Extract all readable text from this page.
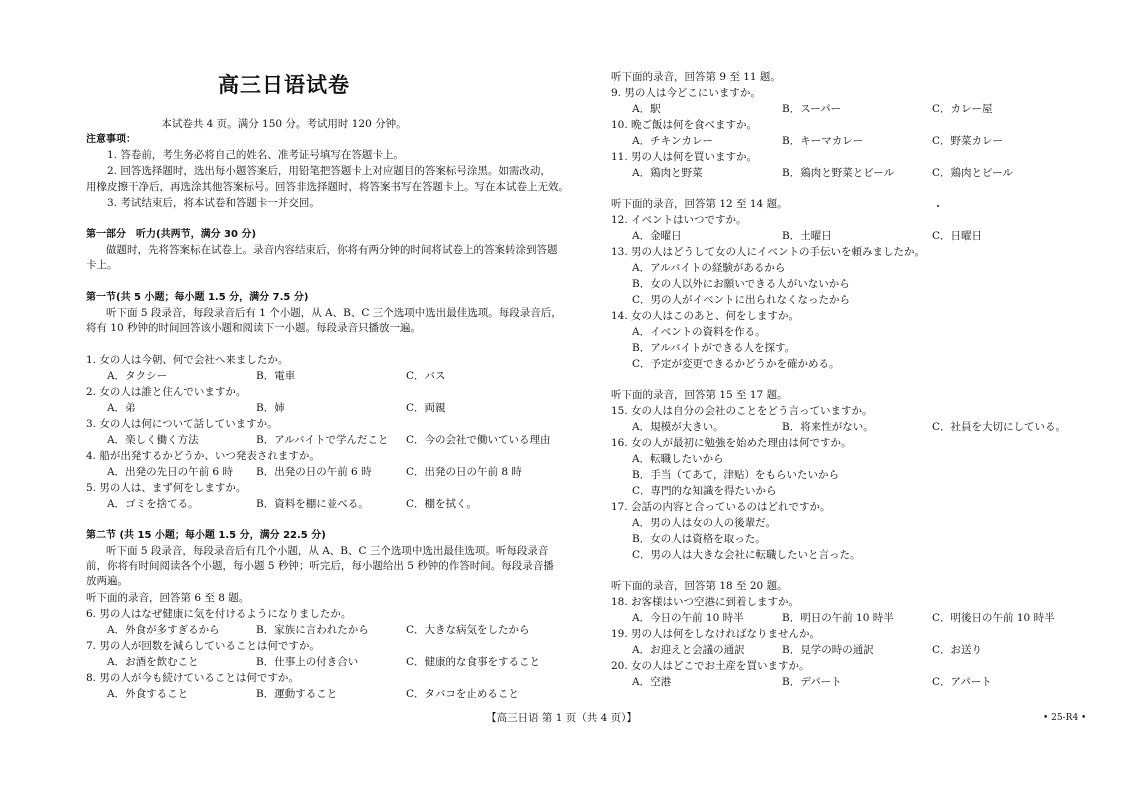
高三日语试卷
本试卷共 4 页。满分 150 分。考试用时 120 分钟。
注意事项：
1. 答卷前，考生务必将自己的姓名、准考证号填写在答题卡上。
2. 回答选择题时，选出每小题答案后，用铅笔把答题卡上对应题目的答案标号涂黑。如需改动，
用橡皮擦干净后，再选涂其他答案标号。回答非选择题时，将答案书写在答题卡上。写在本试卷上无效。
3. 考试结束后，将本试卷和答题卡一并交回。
第一部分　听力(共两节，满分 30 分)
做题时，先将答案标在试卷上。录音内容结束后，你将有两分钟的时间将试卷上的答案转涂到答题卡上。
第一节(共 5 小题；每小题 1.5 分，满分 7.5 分)
听下面 5 段录音，每段录音后有 1 个小题，从 A、B、C 三个选项中选出最佳选项。每段录音后，将有 10 秒钟的时间回答该小题和阅读下一小题。每段录音只播放一遍。
1. 女の人は今朝、何で会社へ来ましたか。
A．タクシー	B．電車	C．バス
2. 女の人は誰と住んでいますか。
A．弟	B．姉	C．両親
3. 女の人は何について話していますか。
A．楽しく働く方法	B．アルバイトで学んだこと C．今の会社で働いている理由
4. 船が出発するかどうか、いつ発表されますか。
A．出発の先日の午前 6 時 B．出発の日の午前 6 時	C．出発の日の午前 8 時
5. 男の人は、まず何をしますか。
A．ゴミを捨てる。	B．資料を棚に並べる。	C．棚を拭く。
第二节 (共 15 小题；每小题 1.5 分，满分 22.5 分)
听下面 5 段录音，每段录音后有几个小题，从 A、B、C 三个选项中选出最佳选项。听每段录音前，你将有时间阅读各个小题，每小题 5 秒钟；听完后，每小题给出 5 秒钟的作答时间。每段录音播放两遍。
听下面的录音，回答第 6 至 8 题。
6. 男の人はなぜ健康に気を付けるようになりましたか。
A．外食が多すぎるから	B．家族に言われたから	C．大きな病気をしたから
7. 男の人が回数を減らしていることは何ですか。
A．お酒を飲むこと	B．仕事上の付き合い	C．健康的な食事をすること
8. 男の人が今も続けていることは何ですか。
A．外食すること	B．運動すること	C．タバコを止めること
听下面的录音，回答第 9 至 11 题。
9. 男の人は今どこにいますか。
A．駅	B．スーパー	C．カレー屋
10. 晩ご飯は何を食べますか。
A．チキンカレー	B．キーマカレー	C．野菜カレー
11. 男の人は何を買いますか。
A．鶏肉と野菜	B．鶏肉と野菜とビール	C．鶏肉とビール
听下面的录音，回答第 12 至 14 题。
12. イベントはいつですか。
A．金曜日	B．土曜日	C．日曜日
13. 男の人はどうして女の人にイベントの手伝いを頼みましたか。
A．アルバイトの経験があるから
B．女の人以外にお願いできる人がいないから
C．男の人がイベントに出られなくなったから
14. 女の人はこのあと、何をしますか。
A．イベントの資料を作る。
B．アルバイトができる人を探す。
C．予定が変更できるかどうかを確かめる。
听下面的录音，回答第 15 至 17 题。
15. 女の人は自分の会社のことをどう言っていますか。
A．規模が大きい。	B．将来性がない。	C．社員を大切にしている。
16. 女の人が最初に勉強を始めた理由は何ですか。
A．転職したいから
B．手当（てあて，津贴）をもらいたいから
C．専門的な知識を得たいから
17. 会話の内容と合っているのはどれですか。
A．男の人は女の人の後輩だ。
B．女の人は資格を取った。
C．男の人は大きな会社に転職したいと言った。
听下面的录音，回答第 18 至 20 题。
18. お客様はいつ空港に到着しますか。
A．今日の午前 10 時半	B．明日の午前 10 時半	C．明後日の午前 10 時半
19. 男の人は何をしなければなりませんか。
A．お迎えと会議の通訳	B．見学の時の通訳	C．お送り
20. 女の人はどこでお土産を買いますか。
A．空港	B．デパート	C．アパート
【高三日语 第 1 页（共 4 页）】	• 25-R4 •
